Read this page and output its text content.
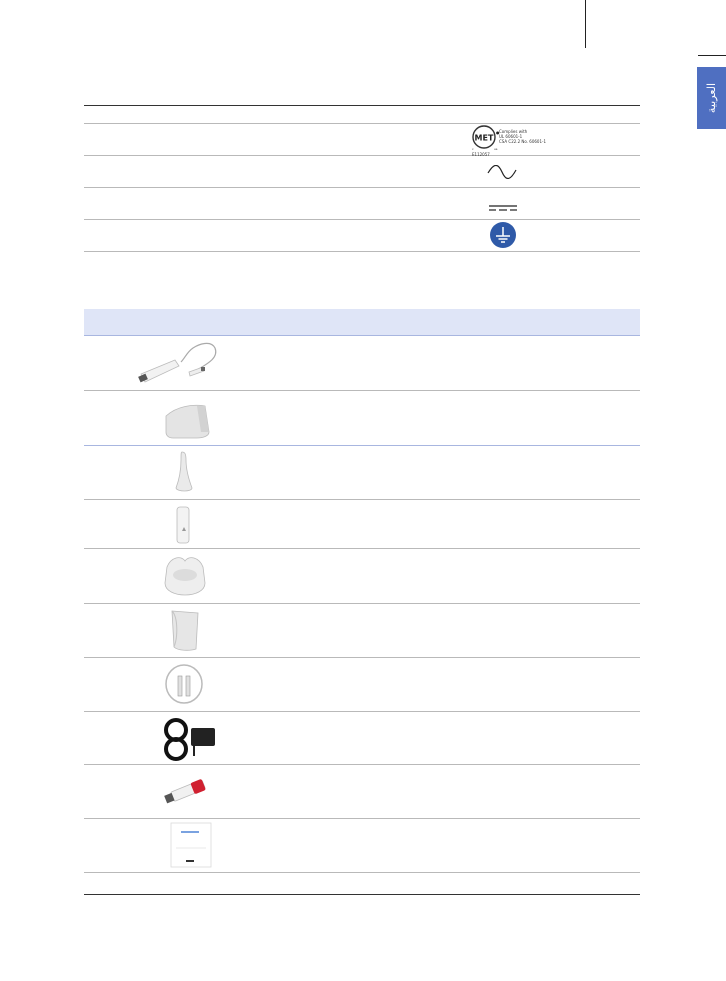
العربية
MET
●
c	us
Complies with
UL 60601-1
CSA C22.2 No. 60601-1
E112057
